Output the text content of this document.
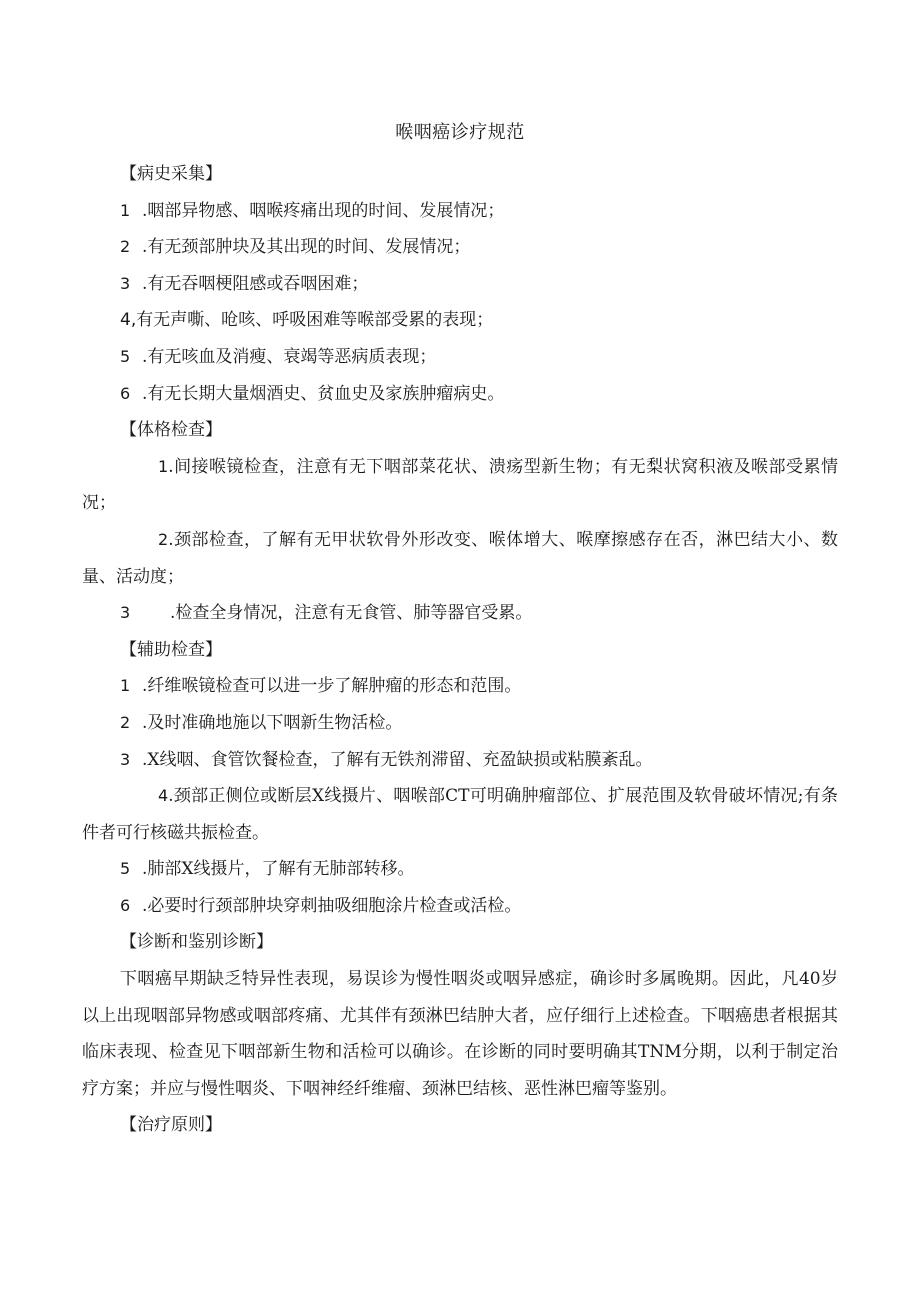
喉咽癌诊疗规范
【病史采集】
1 .咽部异物感、咽喉疼痛出现的时间、发展情况；
2 .有无颈部肿块及其出现的时间、发展情况；
3 .有无吞咽梗阻感或吞咽困难；
4,有无声嘶、呛咳、呼吸困难等喉部受累的表现；
5 .有无咳血及消瘦、衰竭等恶病质表现；
6 .有无长期大量烟酒史、贫血史及家族肿瘤病史。
【体格检查】
1.间接喉镜检查，注意有无下咽部菜花状、溃疡型新生物；有无梨状窝积液及喉部受累情况；
2.颈部检查，了解有无甲状软骨外形改变、喉体增大、喉摩擦感存在否，淋巴结大小、数量、活动度；
3 .检查全身情况，注意有无食管、肺等器官受累。
【辅助检查】
1 .纤维喉镜检查可以进一步了解肿瘤的形态和范围。
2 .及时准确地施以下咽新生物活检。
3 .X线咽、食管饮餐检查，了解有无铁剂滞留、充盈缺损或粘膜紊乱。
4.颈部正侧位或断层X线摄片、咽喉部CT可明确肿瘤部位、扩展范围及软骨破坏情况;有条件者可行核磁共振检查。
5 .肺部X线摄片，了解有无肺部转移。
6 .必要时行颈部肿块穿刺抽吸细胞涂片检查或活检。
【诊断和鉴别诊断】
下咽癌早期缺乏特异性表现，易误诊为慢性咽炎或咽异感症，确诊时多属晚期。因此，凡40岁以上出现咽部异物感或咽部疼痛、尤其伴有颈淋巴结肿大者，应仔细行上述检查。下咽癌患者根据其临床表现、检查见下咽部新生物和活检可以确诊。在诊断的同时要明确其TNM分期，以利于制定治疗方案；并应与慢性咽炎、下咽神经纤维瘤、颈淋巴结核、恶性淋巴瘤等鉴别。
【治疗原则】
